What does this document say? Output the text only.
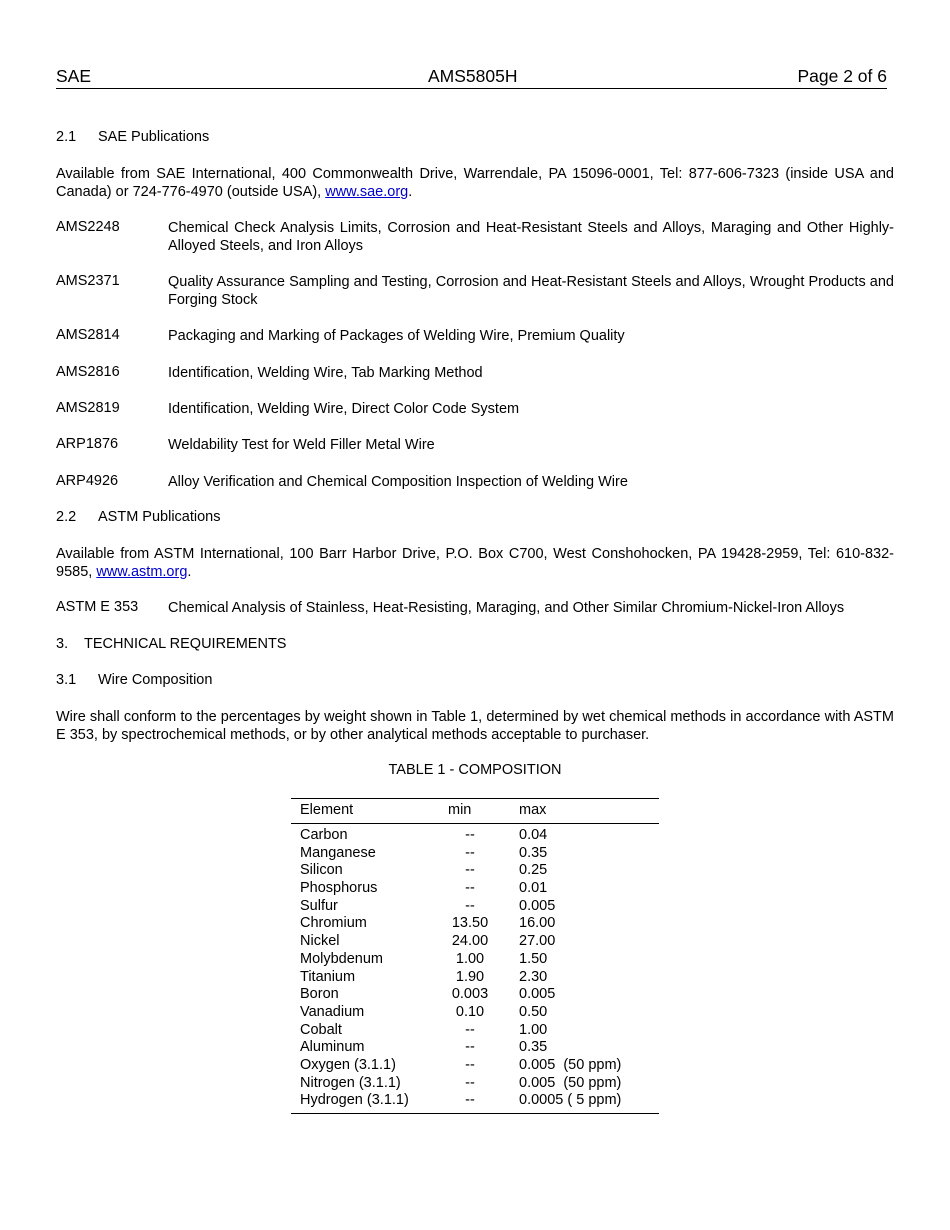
SAE	AMS5805H	Page 2 of 6
2.1 SAE Publications
Available from SAE International, 400 Commonwealth Drive, Warrendale, PA 15096-0001, Tel: 877-606-7323 (inside USA and Canada) or 724-776-4970 (outside USA), www.sae.org.
AMS2248	Chemical Check Analysis Limits, Corrosion and Heat-Resistant Steels and Alloys, Maraging and Other Highly-Alloyed Steels, and Iron Alloys
AMS2371	Quality Assurance Sampling and Testing, Corrosion and Heat-Resistant Steels and Alloys, Wrought Products and Forging Stock
AMS2814	Packaging and Marking of Packages of Welding Wire, Premium Quality
AMS2816	Identification, Welding Wire, Tab Marking Method
AMS2819	Identification, Welding Wire, Direct Color Code System
ARP1876	Weldability Test for Weld Filler Metal Wire
ARP4926	Alloy Verification and Chemical Composition Inspection of Welding Wire
2.2 ASTM Publications
Available from ASTM International, 100 Barr Harbor Drive, P.O. Box C700, West Conshohocken, PA 19428-2959, Tel: 610-832-9585, www.astm.org.
ASTM E 353 Chemical Analysis of Stainless, Heat-Resisting, Maraging, and Other Similar Chromium-Nickel-Iron Alloys
3. TECHNICAL REQUIREMENTS
3.1 Wire Composition
Wire shall conform to the percentages by weight shown in Table 1, determined by wet chemical methods in accordance with ASTM E 353, by spectrochemical methods, or by other analytical methods acceptable to purchaser.
TABLE 1 - COMPOSITION
Element	min	max
Carbon	--	0.04
Manganese	--	0.35
Silicon	--	0.25
Phosphorus	--	0.01
Sulfur	--	0.005
Chromium	13.50	16.00
Nickel	24.00	27.00
Molybdenum	1.00	1.50
Titanium	1.90	2.30
Boron	0.003	0.005
Vanadium	0.10	0.50
Cobalt	--	1.00
Aluminum	--	0.35
Oxygen (3.1.1)	--	0.005  (50 ppm)
Nitrogen (3.1.1)	--	0.005  (50 ppm)
Hydrogen (3.1.1)	--	0.0005 ( 5 ppm)
